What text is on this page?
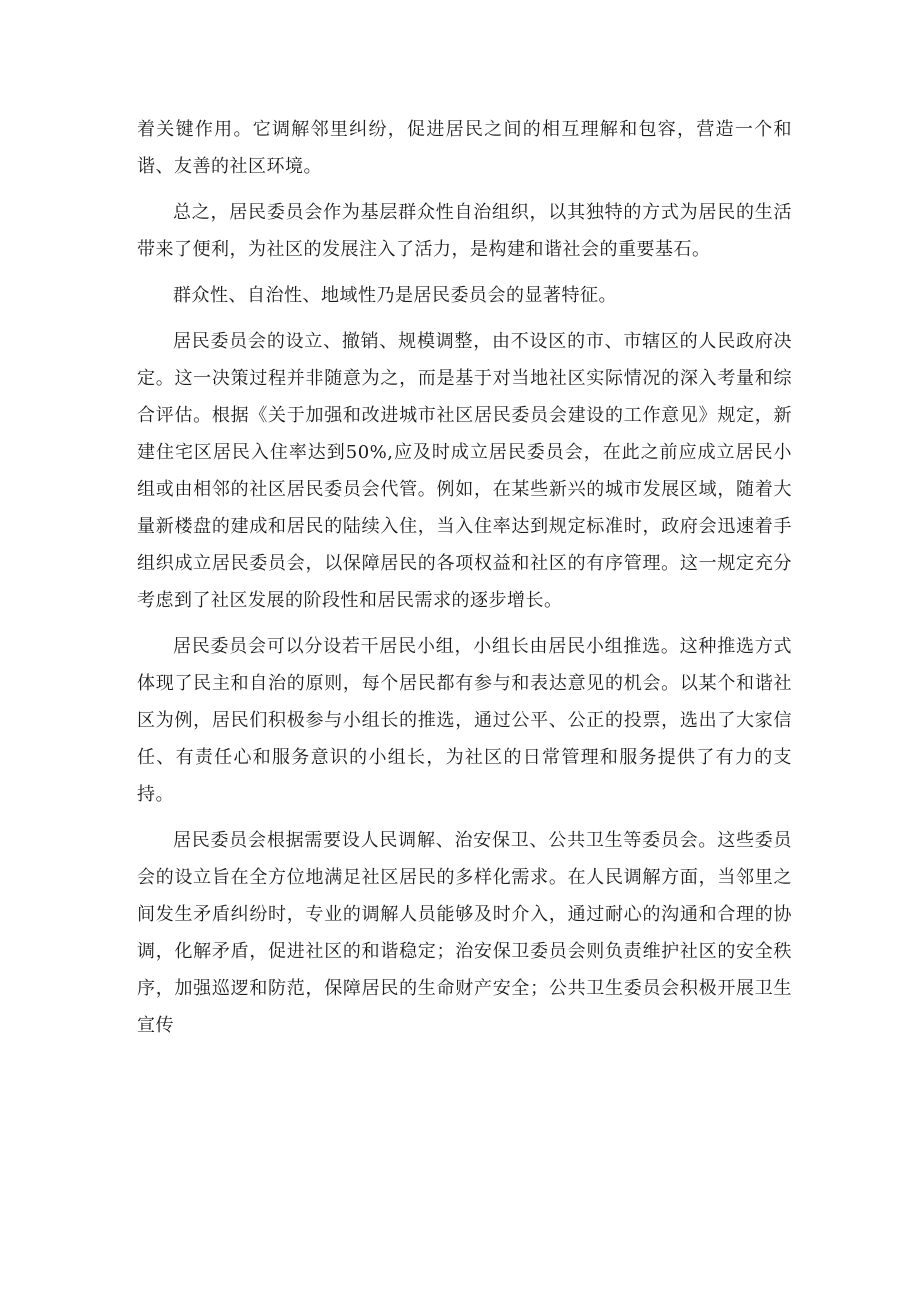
着关键作用。它调解邻里纠纷，促进居民之间的相互理解和包容，营造一个和谐、友善的社区环境。

总之，居民委员会作为基层群众性自治组织，以其独特的方式为居民的生活带来了便利，为社区的发展注入了活力，是构建和谐社会的重要基石。

群众性、自治性、地域性乃是居民委员会的显著特征。

居民委员会的设立、撤销、规模调整，由不设区的市、市辖区的人民政府决定。这一决策过程并非随意为之，而是基于对当地社区实际情况的深入考量和综合评估。根据《关于加强和改进城市社区居民委员会建设的工作意见》规定，新建住宅区居民入住率达到50%,应及时成立居民委员会，在此之前应成立居民小组或由相邻的社区居民委员会代管。例如，在某些新兴的城市发展区域，随着大量新楼盘的建成和居民的陆续入住，当入住率达到规定标准时，政府会迅速着手组织成立居民委员会，以保障居民的各项权益和社区的有序管理。这一规定充分考虑到了社区发展的阶段性和居民需求的逐步增长。

居民委员会可以分设若干居民小组，小组长由居民小组推选。这种推选方式体现了民主和自治的原则，每个居民都有参与和表达意见的机会。以某个和谐社区为例，居民们积极参与小组长的推选，通过公平、公正的投票，选出了大家信任、有责任心和服务意识的小组长，为社区的日常管理和服务提供了有力的支持。

居民委员会根据需要设人民调解、治安保卫、公共卫生等委员会。这些委员会的设立旨在全方位地满足社区居民的多样化需求。在人民调解方面，当邻里之间发生矛盾纠纷时，专业的调解人员能够及时介入，通过耐心的沟通和合理的协调，化解矛盾，促进社区的和谐稳定；治安保卫委员会则负责维护社区的安全秩序，加强巡逻和防范，保障居民的生命财产安全；公共卫生委员会积极开展卫生宣传
